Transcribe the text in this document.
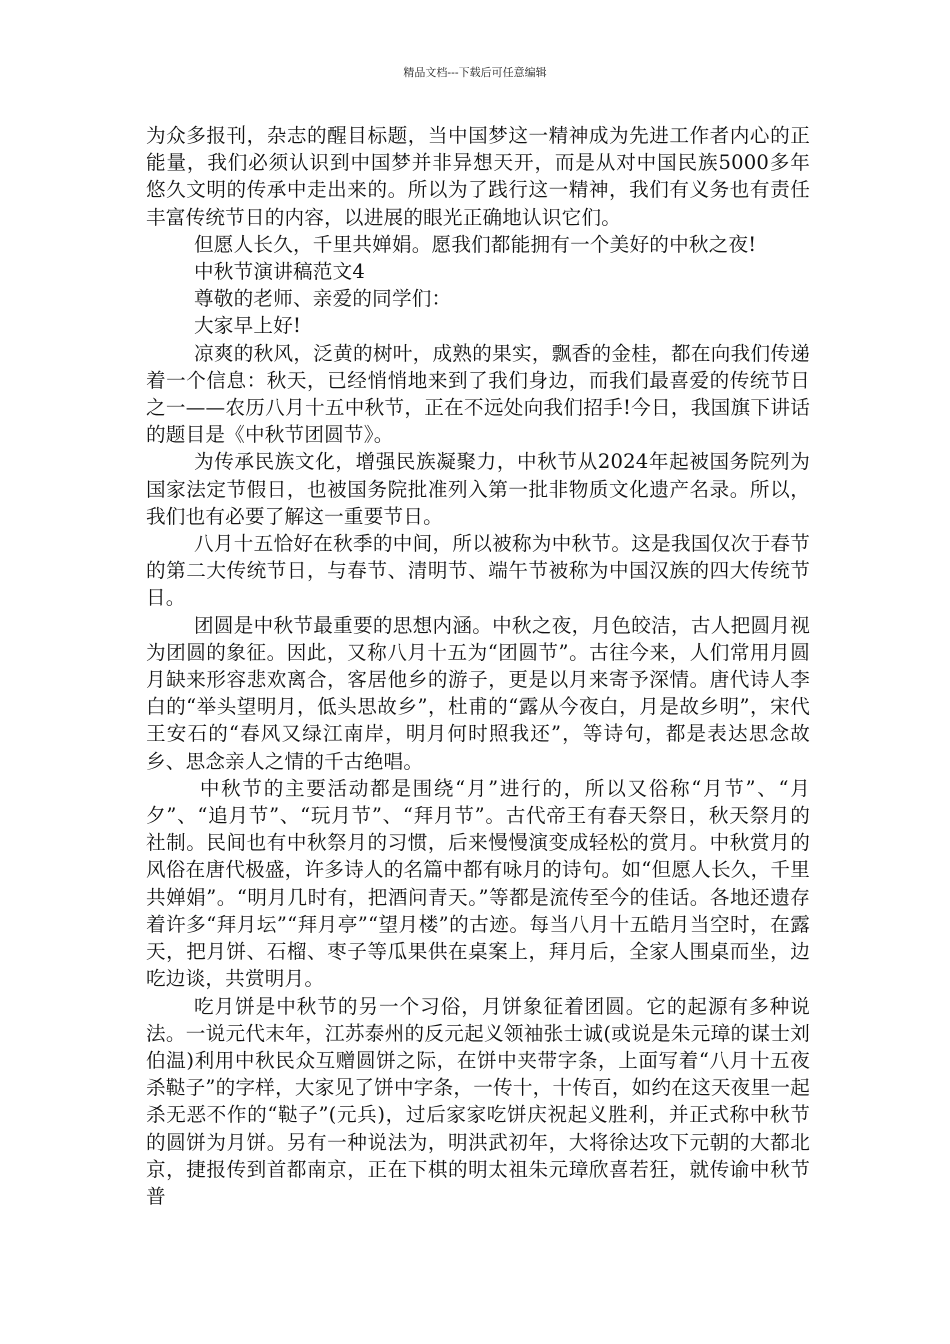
精品文档---下载后可任意编辑

为众多报刊，杂志的醒目标题，当中国梦这一精神成为先进工作者内心的正能量，我们必须认识到中国梦并非异想天开，而是从对中国民族5000多年悠久文明的传承中走出来的。所以为了践行这一精神，我们有义务也有责任丰富传统节日的内容，以进展的眼光正确地认识它们。

但愿人长久，千里共婵娟。愿我们都能拥有一个美好的中秋之夜!

中秋节演讲稿范文4

尊敬的老师、亲爱的同学们：

大家早上好!

凉爽的秋风，泛黄的树叶，成熟的果实，飘香的金桂，都在向我们传递着一个信息：秋天，已经悄悄地来到了我们身边，而我们最喜爱的传统节日之一——农历八月十五中秋节，正在不远处向我们招手!今日，我国旗下讲话的题目是《中秋节团圆节》。

为传承民族文化，增强民族凝聚力，中秋节从2024年起被国务院列为国家法定节假日，也被国务院批准列入第一批非物质文化遗产名录。所以，我们也有必要了解这一重要节日。

八月十五恰好在秋季的中间，所以被称为中秋节。这是我国仅次于春节的第二大传统节日，与春节、清明节、端午节被称为中国汉族的四大传统节日。

团圆是中秋节最重要的思想内涵。中秋之夜，月色皎洁，古人把圆月视为团圆的象征。因此，又称八月十五为“团圆节”。古往今来，人们常用月圆月缺来形容悲欢离合，客居他乡的游子，更是以月来寄予深情。唐代诗人李白的“举头望明月，低头思故乡”，杜甫的“露从今夜白，月是故乡明”，宋代王安石的“春风又绿江南岸，明月何时照我还”，等诗句，都是表达思念故乡、思念亲人之情的千古绝唱。

中秋节的主要活动都是围绕“月”进行的，所以又俗称“月节”、“月夕”、“追月节”、“玩月节”、“拜月节”。古代帝王有春天祭日，秋天祭月的社制。民间也有中秋祭月的习惯，后来慢慢演变成轻松的赏月。中秋赏月的风俗在唐代极盛，许多诗人的名篇中都有咏月的诗句。如“但愿人长久，千里共婵娟”。“明月几时有，把酒问青天。”等都是流传至今的佳话。各地还遗存着许多“拜月坛”“拜月亭”“望月楼”的古迹。每当八月十五皓月当空时，在露天，把月饼、石榴、枣子等瓜果供在桌案上，拜月后，全家人围桌而坐，边吃边谈，共赏明月。

吃月饼是中秋节的另一个习俗，月饼象征着团圆。它的起源有多种说法。一说元代末年，江苏泰州的反元起义领袖张士诚(或说是朱元璋的谋士刘伯温)利用中秋民众互赠圆饼之际，在饼中夹带字条，上面写着“八月十五夜杀鞑子”的字样，大家见了饼中字条，一传十，十传百，如约在这天夜里一起杀无恶不作的“鞑子”(元兵)，过后家家吃饼庆祝起义胜利，并正式称中秋节的圆饼为月饼。另有一种说法为，明洪武初年，大将徐达攻下元朝的大都北京，捷报传到首都南京，正在下棋的明太祖朱元璋欣喜若狂，就传谕中秋节普
